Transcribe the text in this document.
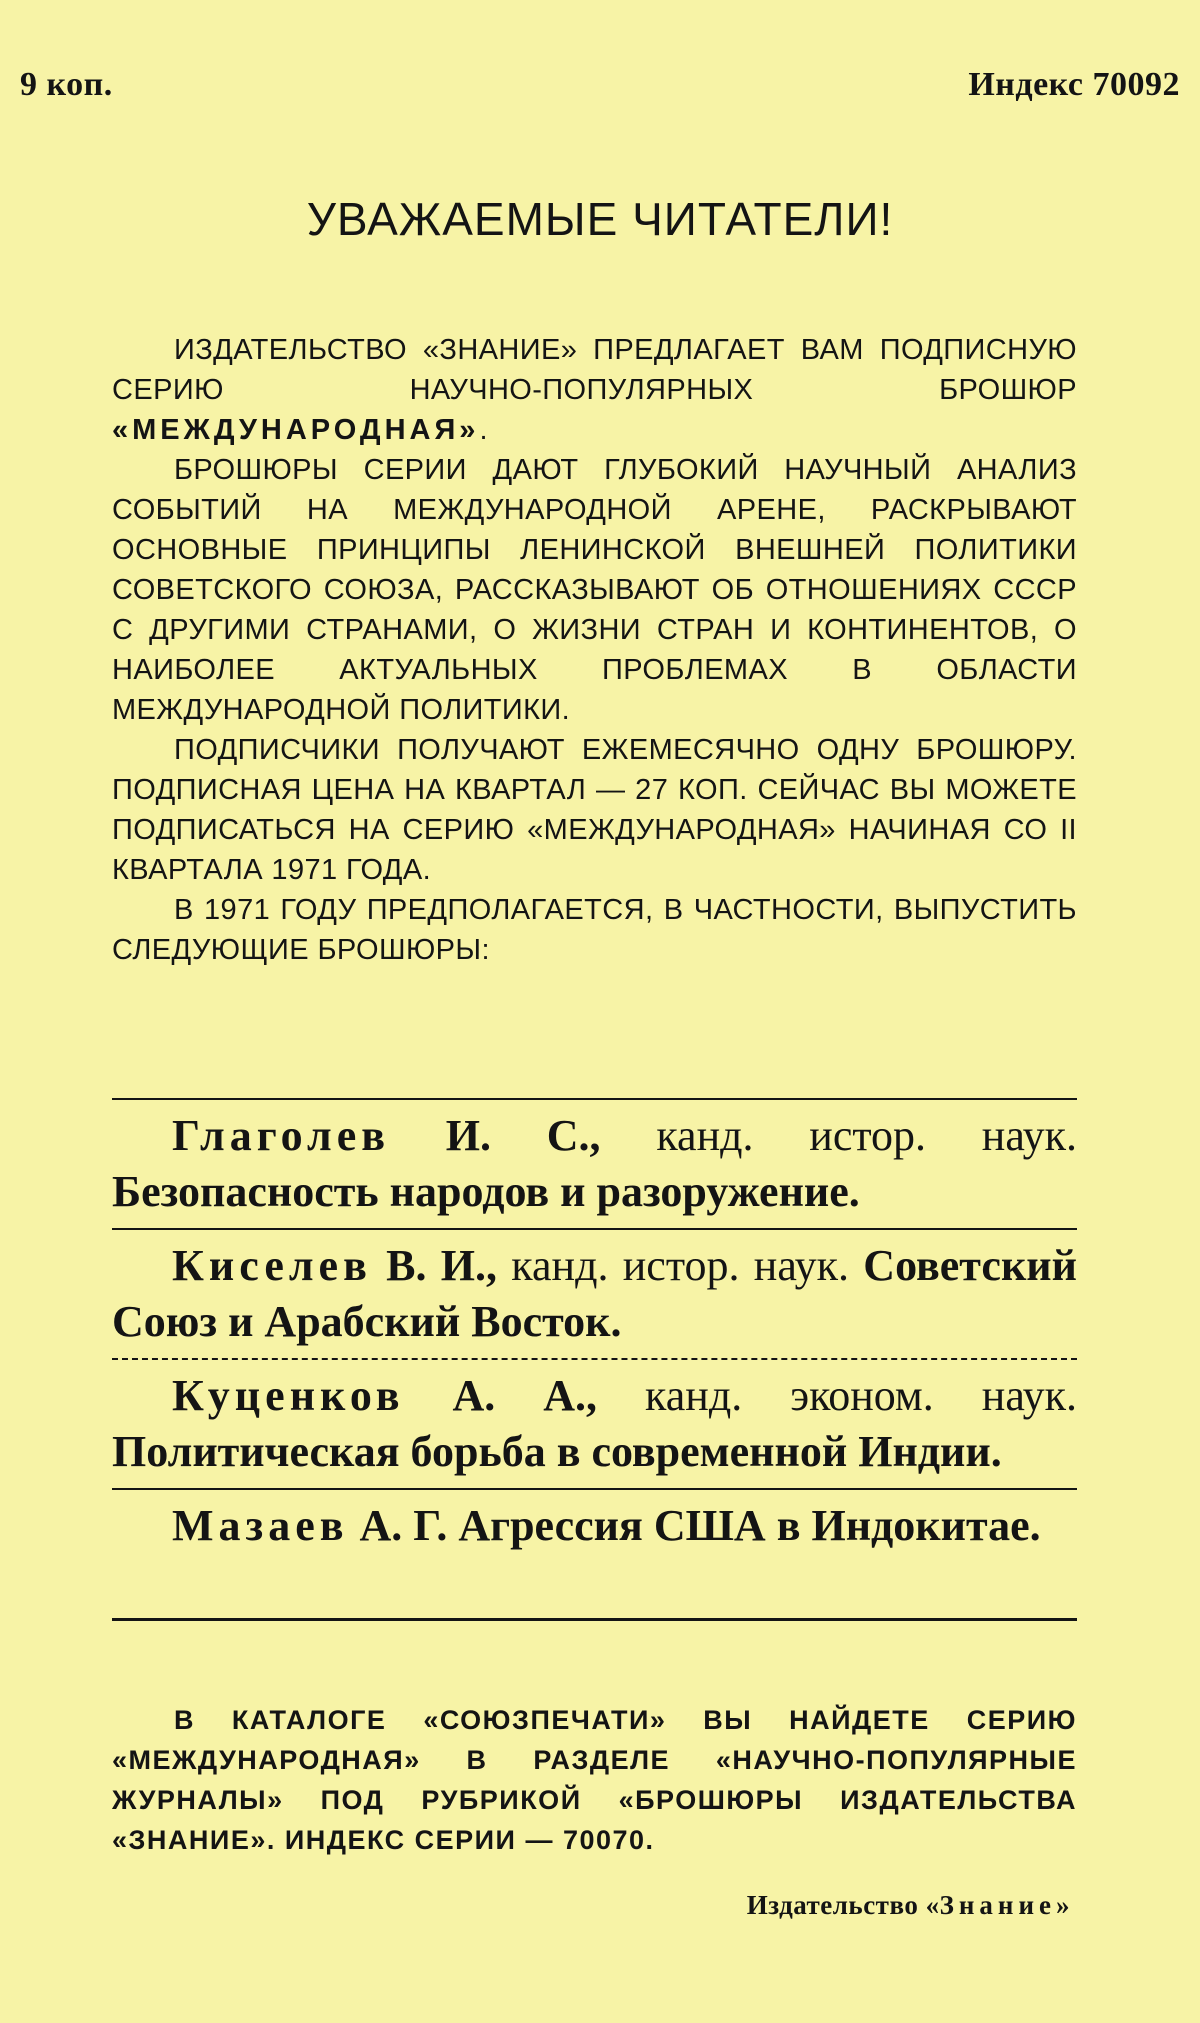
9 коп.	Индекс 70092
УВАЖАЕМЫЕ ЧИТАТЕЛИ!

ИЗДАТЕЛЬСТВО «ЗНАНИЕ» ПРЕДЛАГАЕТ ВАМ ПОДПИСНУЮ СЕРИЮ НАУЧНО-ПОПУЛЯРНЫХ БРОШЮР «МЕЖДУНАРОДНАЯ».

БРОШЮРЫ СЕРИИ ДАЮТ ГЛУБОКИЙ НАУЧНЫЙ АНАЛИЗ СОБЫТИЙ НА МЕЖДУНАРОДНОЙ АРЕНЕ, РАСКРЫВАЮТ ОСНОВНЫЕ ПРИНЦИПЫ ЛЕНИНСКОЙ ВНЕШНЕЙ ПОЛИТИКИ СОВЕТСКОГО СОЮЗА, РАССКАЗЫВАЮТ ОБ ОТНОШЕНИЯХ СССР С ДРУГИМИ СТРАНАМИ, О ЖИЗНИ СТРАН И КОНТИНЕНТОВ, О НАИБОЛЕЕ АКТУАЛЬНЫХ ПРОБЛЕМАХ В ОБЛАСТИ МЕЖДУНАРОДНОЙ ПОЛИТИКИ.

ПОДПИСЧИКИ ПОЛУЧАЮТ ЕЖЕМЕСЯЧНО ОДНУ БРОШЮРУ. ПОДПИСНАЯ ЦЕНА НА КВАРТАЛ — 27 КОП. СЕЙЧАС ВЫ МОЖЕТЕ ПОДПИСАТЬСЯ НА СЕРИЮ «МЕЖДУНАРОДНАЯ» НАЧИНАЯ СО II КВАРТАЛА 1971 ГОДА.

В 1971 ГОДУ ПРЕДПОЛАГАЕТСЯ, В ЧАСТНОСТИ, ВЫПУСТИТЬ СЛЕДУЮЩИЕ БРОШЮРЫ:

Глаголев И. С., канд. истор. наук. Безопасность народов и разоружение.
Киселев В. И., канд. истор. наук. Советский Союз и Арабский Восток.
Куценков А. А., канд. эконом. наук. Политическая борьба в современной Индии.
Мазаев А. Г. Агрессия США в Индокитае.
В КАТАЛОГЕ «СОЮЗПЕЧАТИ» ВЫ НАЙДЕТЕ СЕРИЮ «МЕЖДУНАРОДНАЯ» В РАЗДЕЛЕ «НАУЧНО-ПОПУЛЯРНЫЕ ЖУРНАЛЫ» ПОД РУБРИКОЙ «БРОШЮРЫ ИЗДАТЕЛЬСТВА «ЗНАНИЕ». ИНДЕКС СЕРИИ — 70070.
Издательство «Знание»
